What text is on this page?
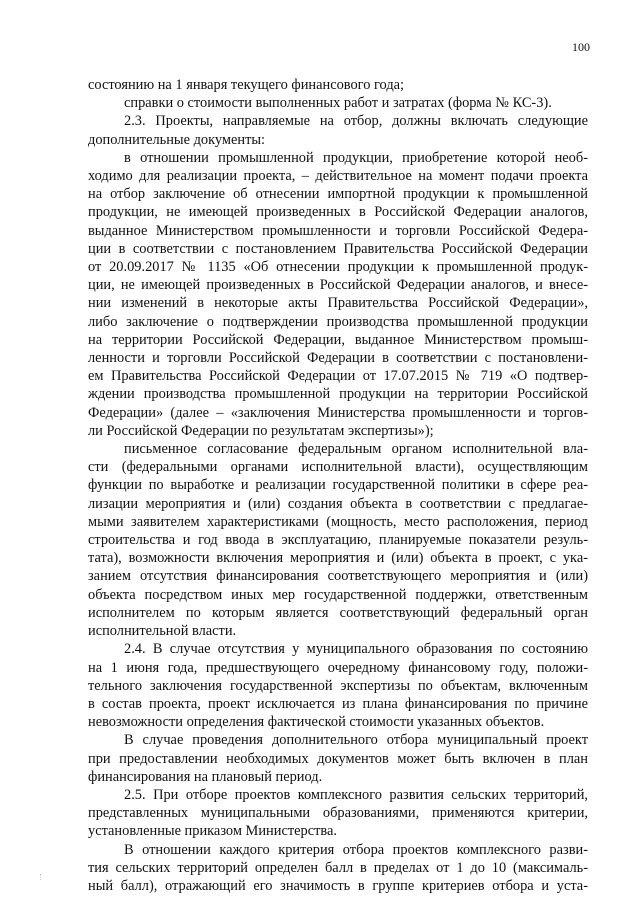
100
состоянию на 1 января текущего финансового года;
справки о стоимости выполненных работ и затратах (форма № КС-3).
2.3. Проекты, направляемые на отбор, должны включать следующие
дополнительные документы:
в отношении промышленной продукции, приобретение которой необ-
ходимо для реализации проекта, – действительное на момент подачи проекта
на отбор заключение об отнесении импортной продукции к промышленной
продукции, не имеющей произведенных в Российской Федерации аналогов,
выданное Министерством промышленности и торговли Российской Федера-
ции в соответствии с постановлением Правительства Российской Федерации
от 20.09.2017 № 1135 «Об отнесении продукции к промышленной продук-
ции, не имеющей произведенных в Российской Федерации аналогов, и внесе-
нии изменений в некоторые акты Правительства Российской Федерации»,
либо заключение о подтверждении производства промышленной продукции
на территории Российской Федерации, выданное Министерством промыш-
ленности и торговли Российской Федерации в соответствии с постановлени-
ем Правительства Российской Федерации от 17.07.2015 № 719 «О подтвер-
ждении производства промышленной продукции на территории Российской
Федерации» (далее – «заключения Министерства промышленности и торгов-
ли Российской Федерации по результатам экспертизы»);
письменное согласование федеральным органом исполнительной вла-
сти (федеральными органами исполнительной власти), осуществляющим
функции по выработке и реализации государственной политики в сфере реа-
лизации мероприятия и (или) создания объекта в соответствии с предлагае-
мыми заявителем характеристиками (мощность, место расположения, период
строительства и год ввода в эксплуатацию, планируемые показатели резуль-
тата), возможности включения мероприятия и (или) объекта в проект, с ука-
занием отсутствия финансирования соответствующего мероприятия и (или)
объекта посредством иных мер государственной поддержки, ответственным
исполнителем по которым является соответствующий федеральный орган
исполнительной власти.
2.4. В случае отсутствия у муниципального образования по состоянию
на 1 июня года, предшествующего очередному финансовому году, положи-
тельного заключения государственной экспертизы по объектам, включенным
в состав проекта, проект исключается из плана финансирования по причине
невозможности определения фактической стоимости указанных объектов.
В случае проведения дополнительного отбора муниципальный проект
при предоставлении необходимых документов может быть включен в план
финансирования на плановый период.
2.5. При отборе проектов комплексного развития сельских территорий,
представленных муниципальными образованиями, применяются критерии,
установленные приказом Министерства.
В отношении каждого критерия отбора проектов комплексного разви-
тия сельских территорий определен балл в пределах от 1 до 10 (максималь-
ный балл), отражающий его значимость в группе критериев отбора и уста-
